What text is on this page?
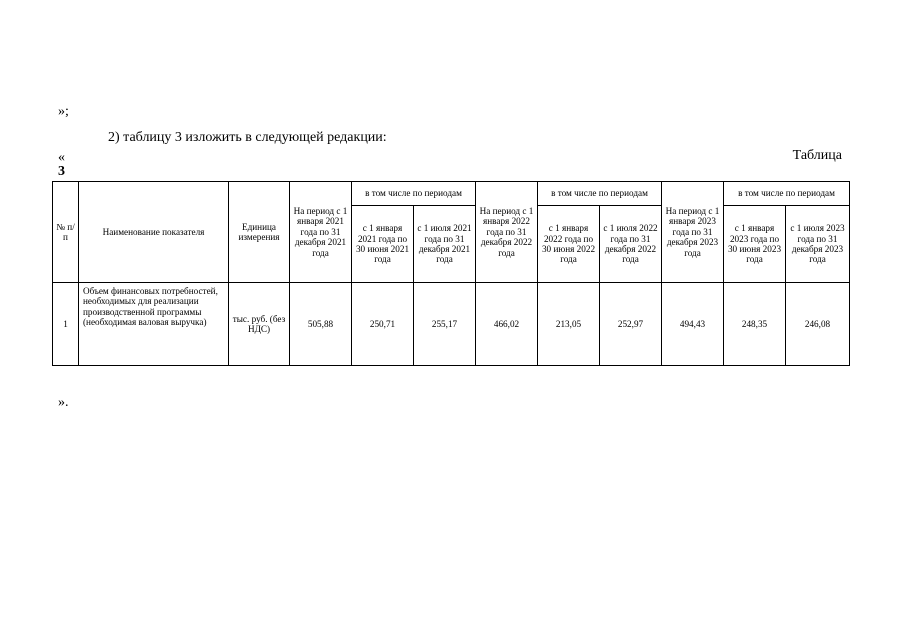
»;
2) таблицу 3 изложить в следующей редакции:
«	Таблица
3
№ п/п	Наименование показателя	Единица измерения	На период с 1 января 2021 года по 31 декабря 2021 года	в том числе по периодам		На период с 1 января 2022 года по 31 декабря 2022 года	в том числе по периодам		На период с 1 января 2023 года по 31 декабря 2023 года	в том числе по периодам	
				с 1 января 2021 года по 30 июня 2021 года	с 1 июля 2021 года по 31 декабря 2021 года		с 1 января 2022 года по 30 июня 2022 года	с 1 июля 2022 года по 31 декабря 2022 года		с 1 января 2023 года по 30 июня 2023 года	с 1 июля 2023 года по 31 декабря 2023 года
1	Объем финансовых потребностей, необходимых для реализации производственной программы (необходимая валовая выручка)	тыс. руб. (без НДС)	505,88	250,71	255,17	466,02	213,05	252,97	494,43	248,35	246,08
».
